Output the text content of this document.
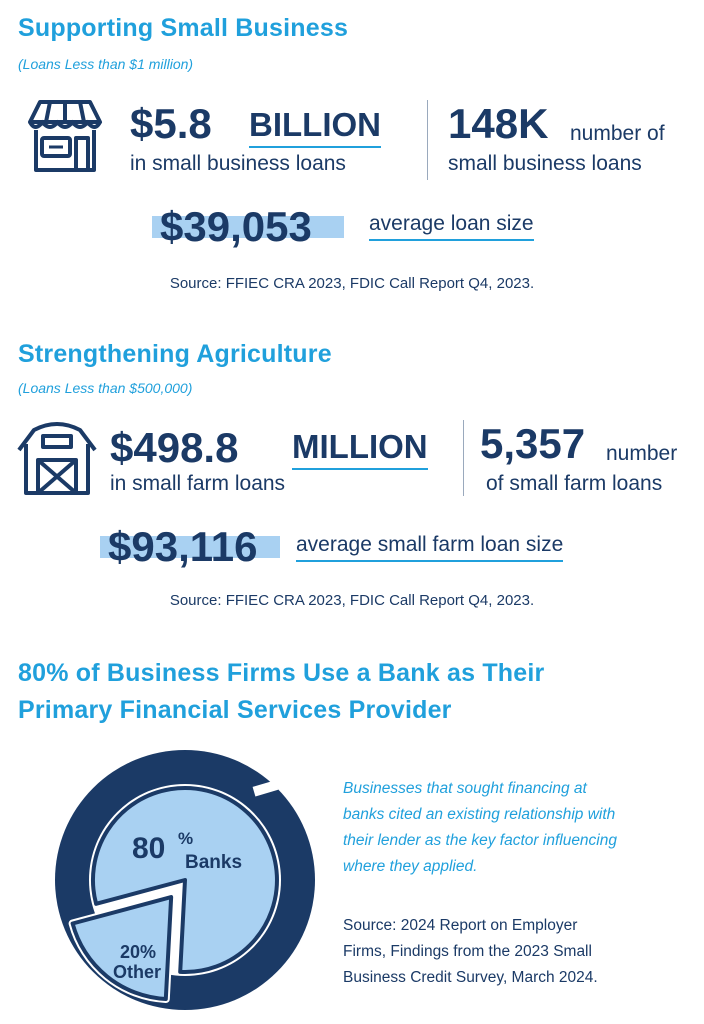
Supporting Small Business
(Loans Less than $1 million)
$5.8 BILLION
in small business loans
148K number of
small business loans
$39,053	average loan size
Source: FFIEC CRA 2023, FDIC Call Report Q4, 2023.
Strengthening Agriculture
(Loans Less than $500,000)
$498.8 MILLION
in small farm loans
5,357 number
of small farm loans
$93,116 average small farm loan size
Source: FFIEC CRA 2023, FDIC Call Report Q4, 2023.
80% of Business Firms Use a Bank as Their
Primary Financial Services Provider
80 %
Banks
20%
Other
Businesses that sought financing at
banks cited an existing relationship with
their lender as the key factor influencing
where they applied.
Source: 2024 Report on Employer
Firms, Findings from the 2023 Small
Business Credit Survey, March 2024.
